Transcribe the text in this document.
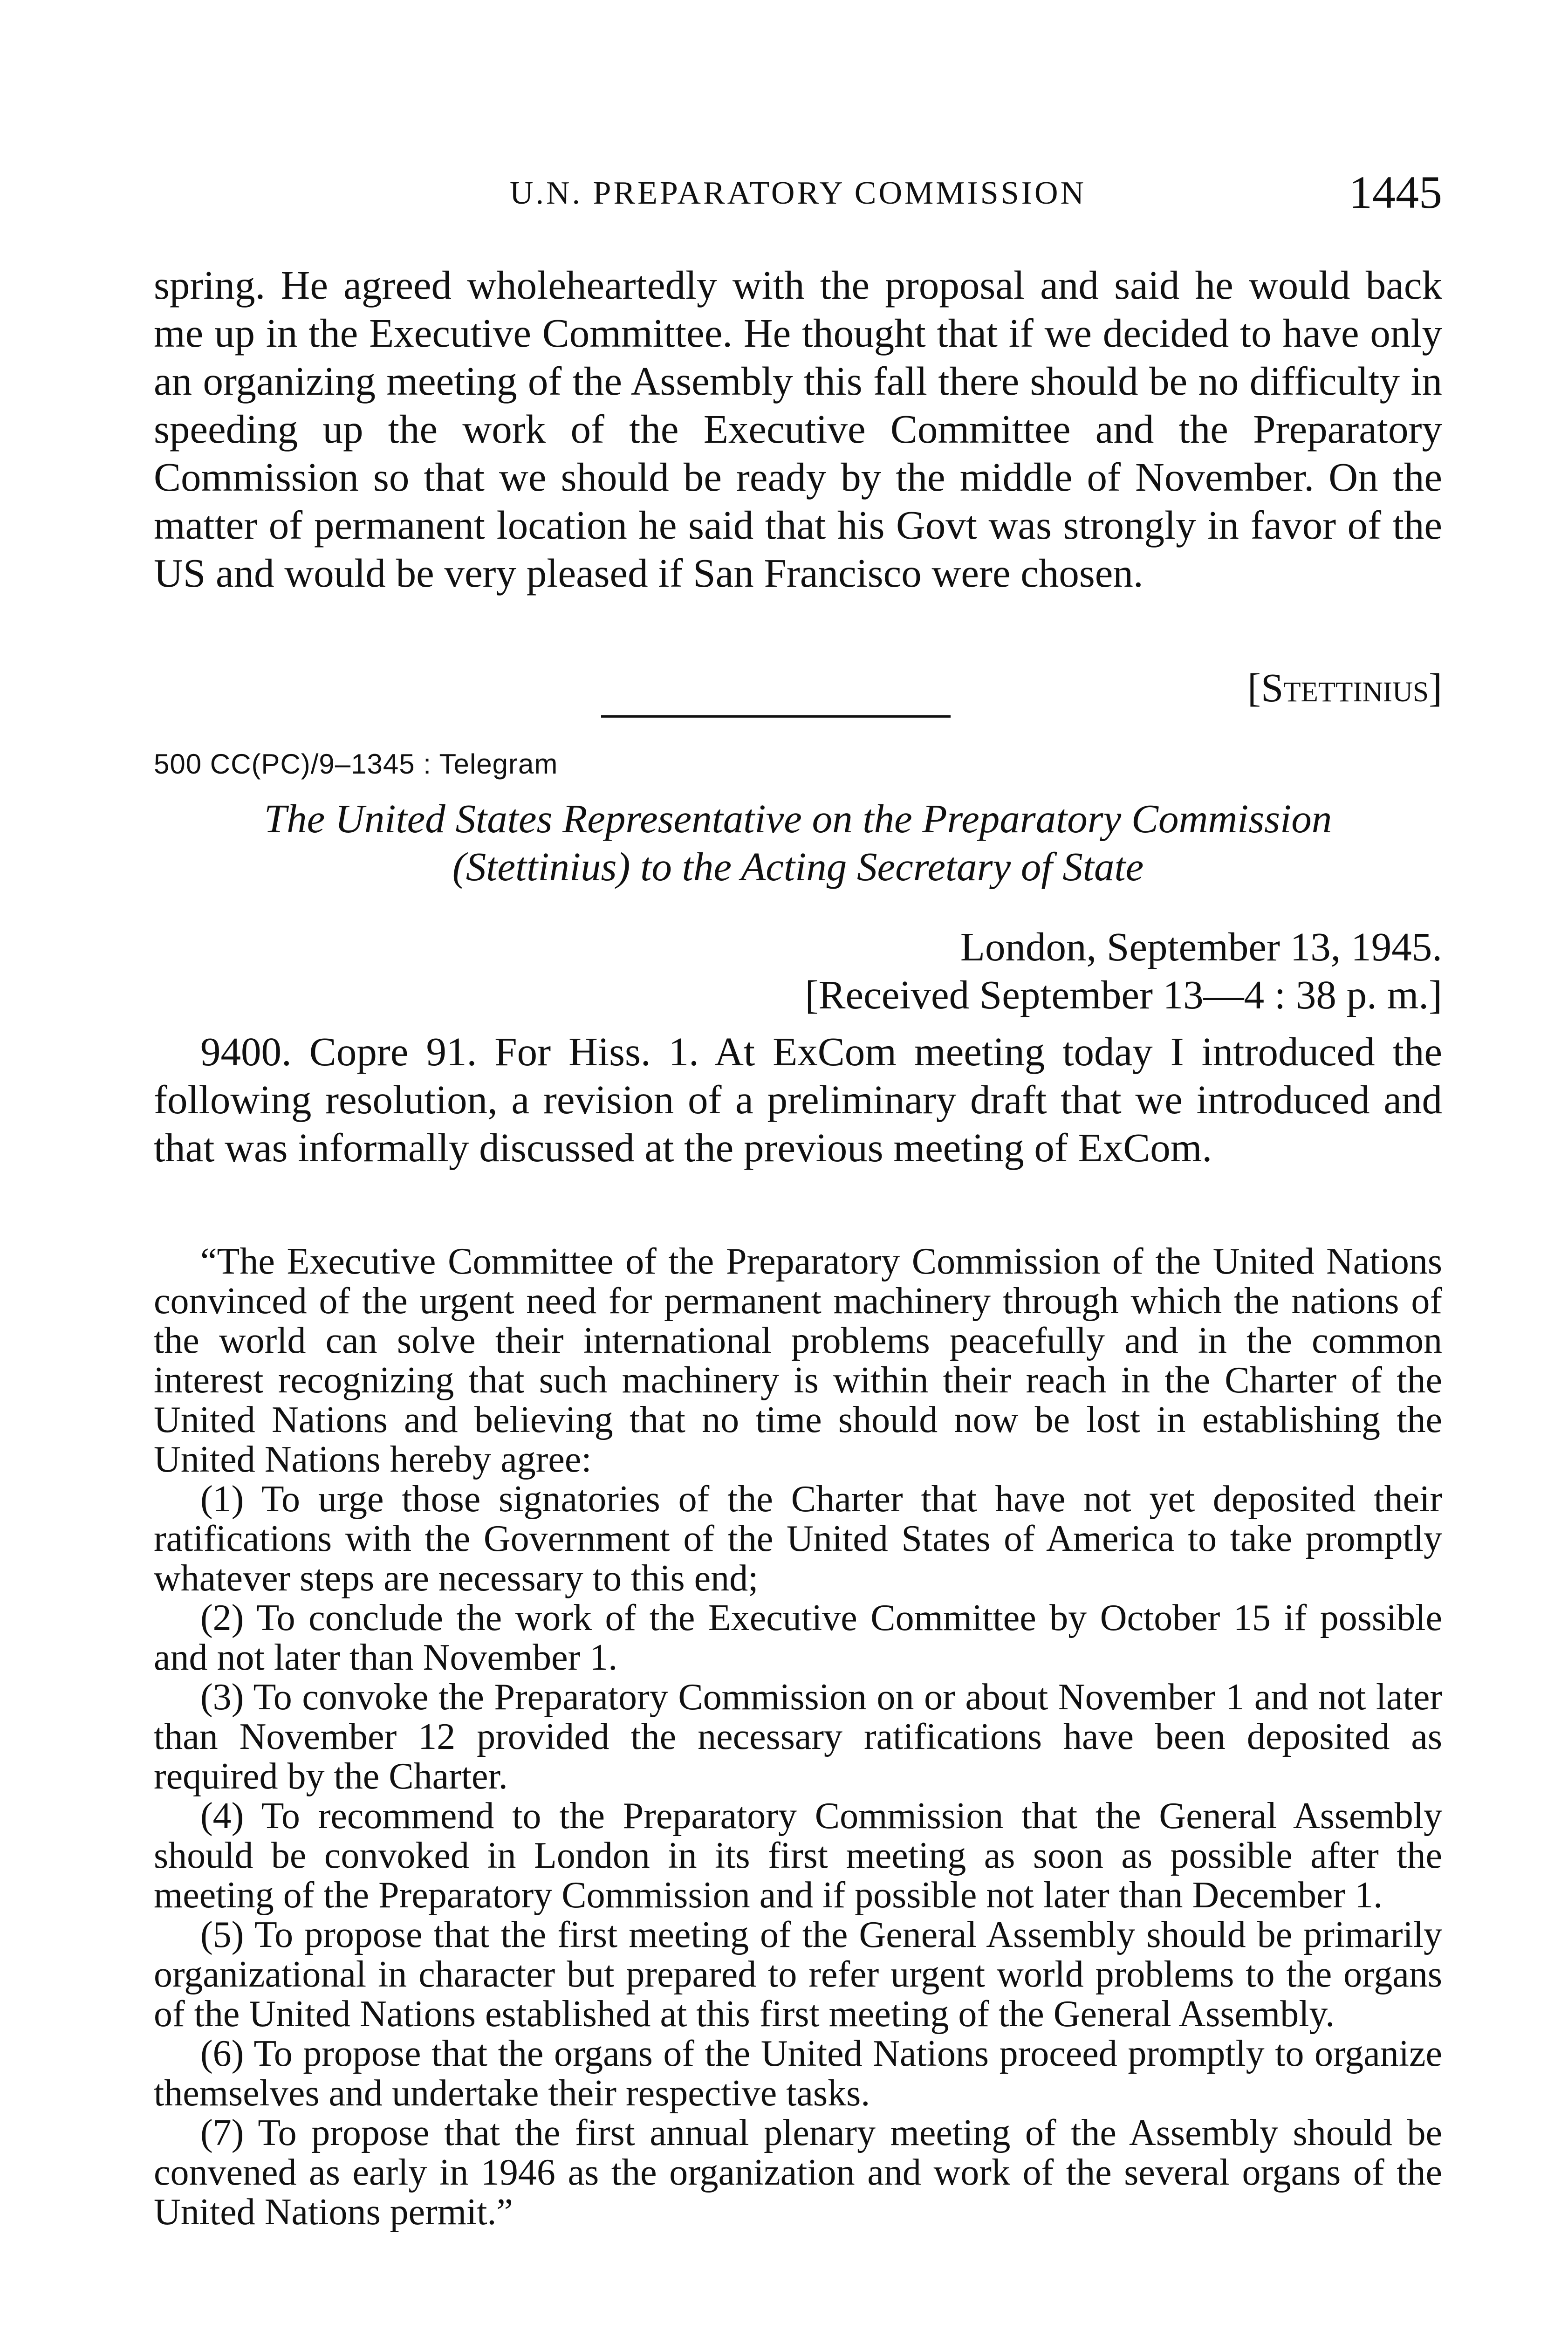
U.N. PREPARATORY COMMISSION	1445

spring. He agreed wholeheartedly with the proposal and said he would back me up in the Executive Committee. He thought that if we decided to have only an organizing meeting of the Assembly this fall there should be no difficulty in speeding up the work of the Executive Committee and the Preparatory Commission so that we should be ready by the middle of November. On the matter of permanent location he said that his Govt was strongly in favor of the US and would be very pleased if San Francisco were chosen.

[Stettinius]
500 CC(PC)/9–1345 : Telegram
The United States Representative on the Preparatory Commission
(Stettinius) to the Acting Secretary of State
London, September 13, 1945.
[Received September 13—4 : 38 p. m.]

9400. Copre 91. For Hiss. 1. At ExCom meeting today I introduced the following resolution, a revision of a preliminary draft that we introduced and that was informally discussed at the previous meeting of ExCom.

“The Executive Committee of the Preparatory Commission of the United Nations convinced of the urgent need for permanent machinery through which the nations of the world can solve their international problems peacefully and in the common interest recognizing that such machinery is within their reach in the Charter of the United Nations and believing that no time should now be lost in establishing the United Nations hereby agree:

(1) To urge those signatories of the Charter that have not yet deposited their ratifications with the Government of the United States of America to take promptly whatever steps are necessary to this end;

(2) To conclude the work of the Executive Committee by October 15 if possible and not later than November 1.

(3) To convoke the Preparatory Commission on or about November 1 and not later than November 12 provided the necessary ratifications have been deposited as required by the Charter.

(4) To recommend to the Preparatory Commission that the General Assembly should be convoked in London in its first meeting as soon as possible after the meeting of the Preparatory Commission and if possible not later than December 1.

(5) To propose that the first meeting of the General Assembly should be primarily organizational in character but prepared to refer urgent world problems to the organs of the United Nations established at this first meeting of the General Assembly.

(6) To propose that the organs of the United Nations proceed promptly to organize themselves and undertake their respective tasks.

(7) To propose that the first annual plenary meeting of the Assembly should be convened as early in 1946 as the organization and work of the several organs of the United Nations permit.”
